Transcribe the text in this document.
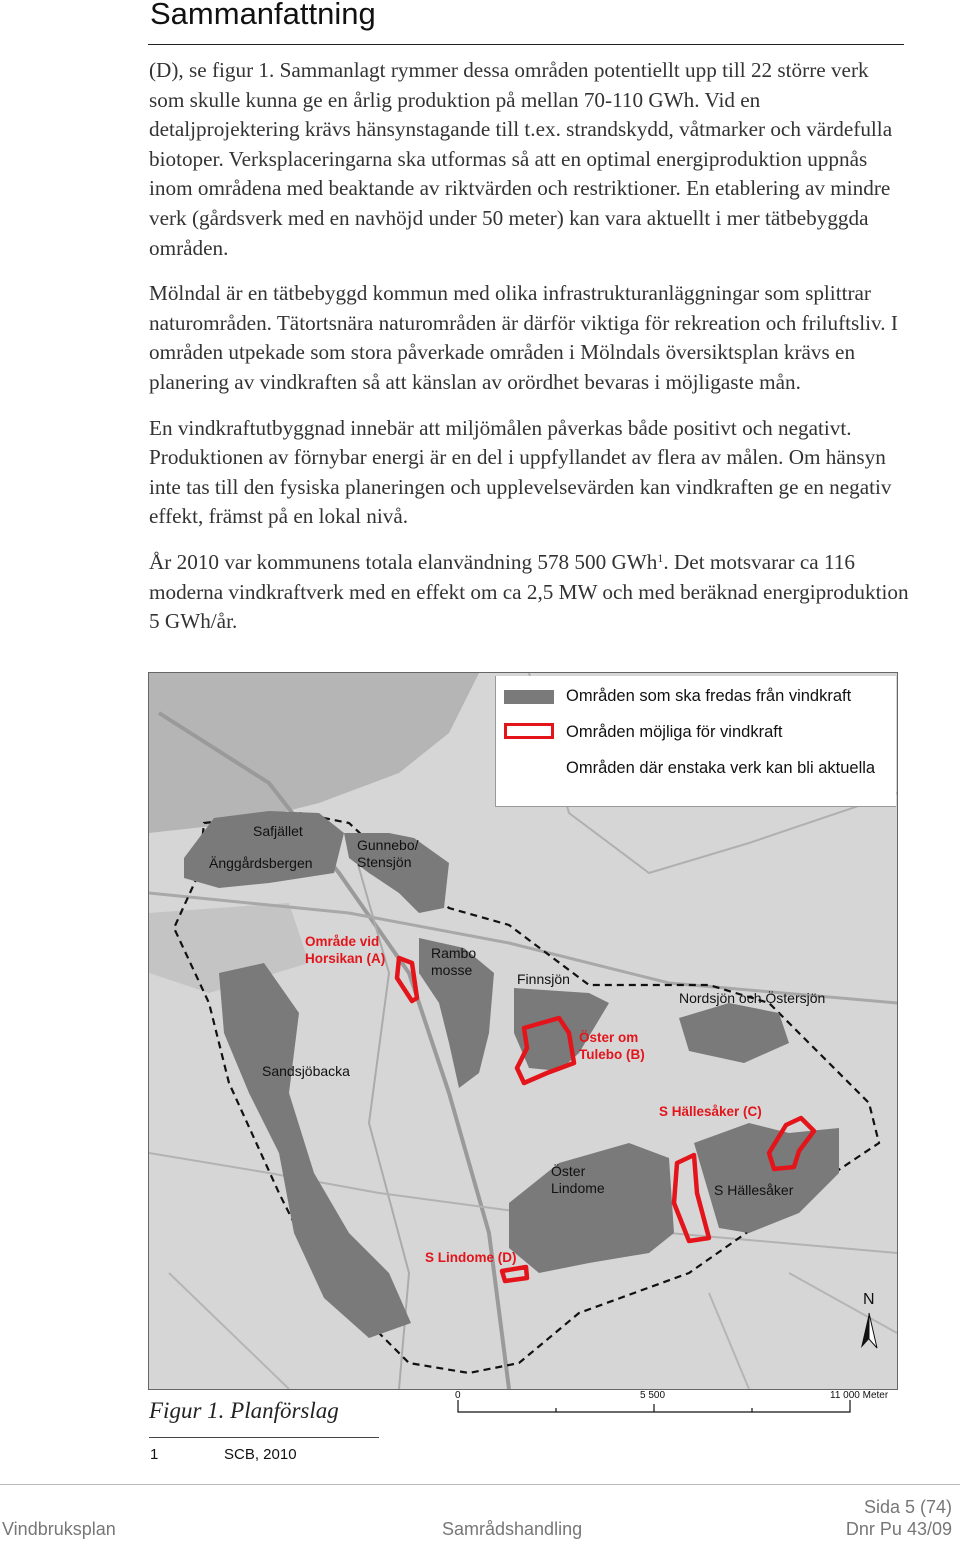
Sammanfattning

(D), se figur 1. Sammanlagt rymmer dessa områden potentiellt upp till 22 större verk som skulle kunna ge en årlig produktion på mellan 70-110 GWh. Vid en detaljprojektering krävs hänsynstagande till t.ex. strandskydd, våtmarker och värdefulla biotoper. Verksplaceringarna ska utformas så att en optimal energiproduktion uppnås inom områdena med beaktande av riktvärden och restriktioner. En etablering av mindre verk (gårdsverk med en navhöjd under 50 meter) kan vara aktuellt i mer tätbebyggda områden.

Mölndal är en tätbebyggd kommun med olika infrastrukturanläggningar som splittrar naturområden. Tätortsnära naturområden är därför viktiga för rekreation och friluftsliv. I områden utpekade som stora påverkade områden i Mölndals översiktsplan krävs en planering av vindkraften så att känslan av orördhet bevaras i möjligaste mån.

En vindkraftutbyggnad innebär att miljömålen påverkas både positivt och negativt. Produktionen av förnybar energi är en del i uppfyllandet av flera av målen. Om hänsyn inte tas till den fysiska planeringen och upplevelsevärden kan vindkraften ge en negativ effekt, främst på en lokal nivå.

År 2010 var kommunens totala elanvändning 578 500 GWh$^1$. Det motsvarar ca 116 moderna vindkraftverk med en effekt om ca 2,5 MW och med beräknad energiproduktion 5 GWh/år.

Safjället
Änggårdsbergen
Gunnebo/
Stensjön
Område vid
Horsikan (A)	Rambo
mosse
Finnsjön
Nordsjön och Östersjön
Öster om
Tulebo (B)
Sandsjöbacka
S Hällesåker (C)
Öster
Lindome	S Hällesåker
S Lindome (D)
N
Områden som ska fredas från vindkraft
Områden möjliga för vindkraft
Områden där enstaka verk kan bli aktuella
Figur 1. Planförslag
0	5 500	11 000 Meter
1	SCB, 2010
Sida 5 (74)
Vindbruksplan	Samrådshandling	Dnr Pu 43/09
